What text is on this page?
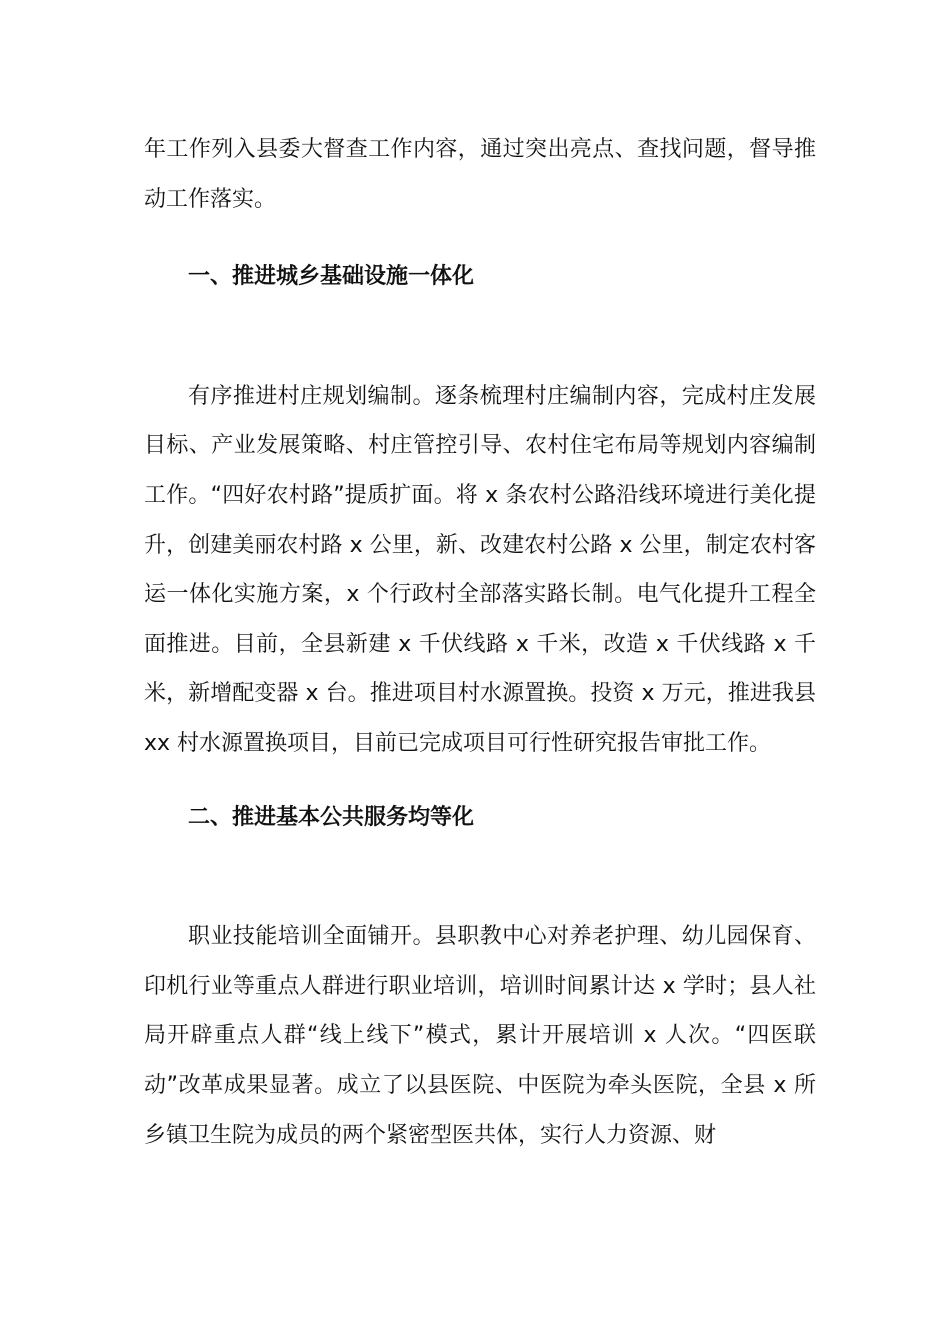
年工作列入县委大督查工作内容，通过突出亮点、查找问题，督导推动工作落实。

一、推进城乡基础设施一体化

有序推进村庄规划编制。逐条梳理村庄编制内容，完成村庄发展目标、产业发展策略、村庄管控引导、农村住宅布局等规划内容编制工作。“四好农村路”提质扩面。将 x 条农村公路沿线环境进行美化提升，创建美丽农村路 x 公里，新、改建农村公路 x 公里，制定农村客运一体化实施方案，x 个行政村全部落实路长制。电气化提升工程全面推进。目前，全县新建 x 千伏线路 x 千米，改造 x 千伏线路 x 千米，新增配变器 x 台。推进项目村水源置换。投资 x 万元，推进我县 xx 村水源置换项目，目前已完成项目可行性研究报告审批工作。

二、推进基本公共服务均等化

职业技能培训全面铺开。县职教中心对养老护理、幼儿园保育、印机行业等重点人群进行职业培训，培训时间累计达 x 学时；县人社局开辟重点人群“线上线下”模式，累计开展培训 x 人次。“四医联动”改革成果显著。成立了以县医院、中医院为牵头医院，全县 x 所乡镇卫生院为成员的两个紧密型医共体，实行人力资源、财
